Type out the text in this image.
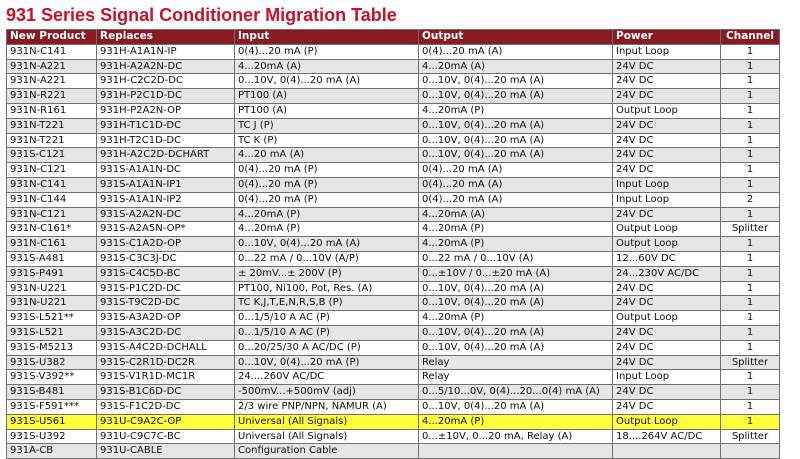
931 Series Signal Conditioner Migration Table
New Product	Replaces	Input	Output	Power	Channel
931N-C141	931H-A1A1N-IP	0(4)...20 mA (P)	0(4)...20 mA (A)	Input Loop	1
931N-A221	931H-A2A2N-DC	4...20mA (A)	4...20mA (A)	24V DC	1
931N-A221	931H-C2C2D-DC	0...10V, 0(4)...20 mA (A)	0...10V, 0(4)...20 mA (A)	24V DC	1
931N-R221	931H-P2C1D-DC	PT100 (A)	0...10V, 0(4)...20 mA (A)	24V DC	1
931N-R161	931H-P2A2N-OP	PT100 (A)	4...20mA (P)	Output Loop	1
931N-T221	931H-T1C1D-DC	TC J (P)	0...10V, 0(4)...20 mA (A)	24V DC	1
931N-T221	931H-T2C1D-DC	TC K (P)	0...10V, 0(4)...20 mA (A)	24V DC	1
931S-C121	931H-A2C2D-DCHART	4...20 mA (A)	0...10V, 0(4)...20 mA (A)	24V DC	1
931N-C121	931S-A1A1N-DC	0(4)...20 mA (P)	0(4)...20 mA (A)	24V DC	1
931N-C141	931S-A1A1N-IP1	0(4)...20 mA (P)	0(4)...20 mA (A)	Input Loop	1
931N-C144	931S-A1A1N-IP2	0(4)...20 mA (P)	0(4)...20 mA (A)	Input Loop	2
931N-C121	931S-A2A2N-DC	4...20mA (P)	4...20mA (A)	24V DC	1
931N-C161*	931S-A2A5N-OP*	4...20mA (P)	4...20mA (P)	Output Loop	Splitter
931N-C161	931S-C1A2D-OP	0...10V, 0(4)...20 mA (A)	4...20mA (P)	Output Loop	1
931S-A481	931S-C3C3J-DC	0...22 mA / 0...10V (A/P)	0...22 mA / 0...10V (A)	12...60V DC	1
931S-P491	931S-C4C5D-BC	± 20mV...± 200V (P)	0...±10V / 0...±20 mA (A)	24...230V AC/DC	1
931N-U221	931S-P1C2D-DC	PT100, Ni100, Pot, Res. (A)	0...10V, 0(4)...20 mA (A)	24V DC	1
931N-U221	931S-T9C2D-DC	TC K,J,T,E,N,R,S,B (P)	0...10V, 0(4)...20 mA (A)	24V DC	1
931S-L521**	931S-A3A2D-OP	0...1/5/10 A AC (P)	4...20mA (P)	Output Loop	1
931S-L521	931S-A3C2D-DC	0...1/5/10 A AC (P)	0...10V, 0(4)...20 mA (A)	24V DC	1
931S-M5213	931S-A4C2D-DCHALL	0...20/25/30 A AC/DC (P)	0...10V, 0(4)...20 mA (A)	24V DC	1
931S-U382	931S-C2R1D-DC2R	0...10V, 0(4)...20 mA (P)	Relay	24V DC	Splitter
931S-V392**	931S-V1R1D-MC1R	24....260V AC/DC	Relay	Input Loop	1
931S-B481	931S-B1C6D-DC	-500mV...+500mV (adj)	0...5/10...0V, 0(4)...20...0(4) mA (A)	24V DC	1
931S-F591***	931S-F1C2D-DC	2/3 wire PNP/NPN, NAMUR (A)	0...10V, 0(4)...20 mA (A)	24V DC	1
931S-U561	931U-C9A2C-OP	Universal (All Signals)	4...20mA (P)	Output Loop	1
931S-U392	931U-C9C7C-BC	Universal (All Signals)	0...±10V, 0...20 mA, Relay (A)	18....264V AC/DC	Splitter
931A-CB	931U-CABLE	Configuration Cable			
